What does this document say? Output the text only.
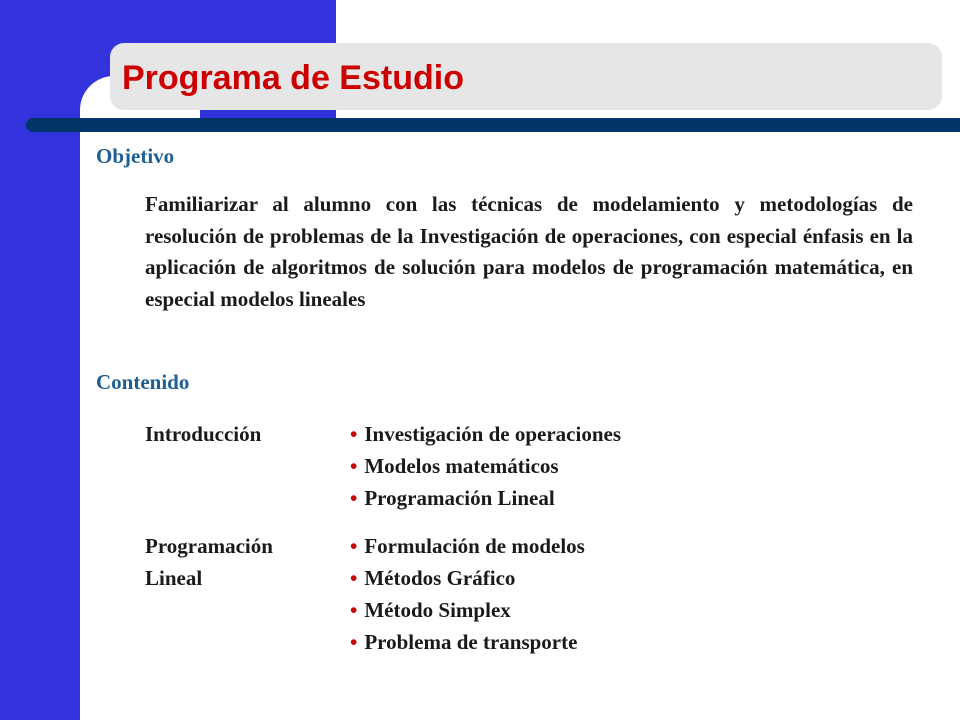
Programa de Estudio
Objetivo

Familiarizar al alumno con las técnicas de modelamiento y metodologías de resolución de problemas de la Investigación de operaciones, con especial énfasis en la aplicación de algoritmos de solución para modelos de programación matemática, en especial modelos lineales

Contenido

Introducción	• Investigación de operaciones
• Modelos matemáticos
• Programación Lineal

Programación
Lineal

• Formulación de modelos
• Métodos Gráfico
• Método Simplex
• Problema de transporte
